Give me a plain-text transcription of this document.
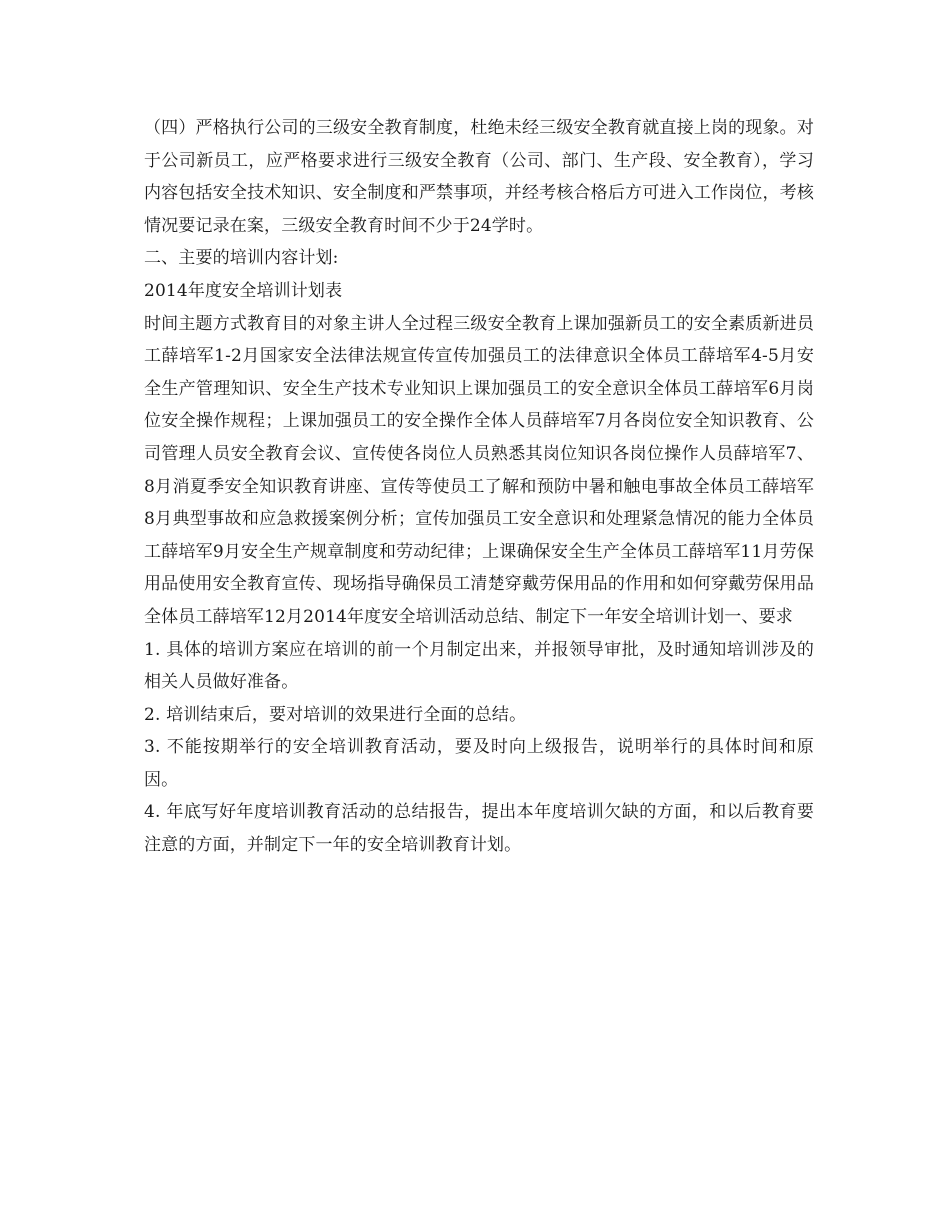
（四）严格执行公司的三级安全教育制度，杜绝未经三级安全教育就直接上岗的现象。对于公司新员工，应严格要求进行三级安全教育（公司、部门、生产段、安全教育），学习内容包括安全技术知识、安全制度和严禁事项，并经考核合格后方可进入工作岗位，考核情况要记录在案，三级安全教育时间不少于24学时。

二、主要的培训内容计划:

2014年度安全培训计划表

时间主题方式教育目的对象主讲人全过程三级安全教育上课加强新员工的安全素质新进员工薛培军1-2月国家安全法律法规宣传宣传加强员工的法律意识全体员工薛培军4-5月安全生产管理知识、安全生产技术专业知识上课加强员工的安全意识全体员工薛培军6月岗位安全操作规程；上课加强员工的安全操作全体人员薛培军7月各岗位安全知识教育、公司管理人员安全教育会议、宣传使各岗位人员熟悉其岗位知识各岗位操作人员薛培军7、8月消夏季安全知识教育讲座、宣传等使员工了解和预防中暑和触电事故全体员工薛培军8月典型事故和应急救援案例分析；宣传加强员工安全意识和处理紧急情况的能力全体员工薛培军9月安全生产规章制度和劳动纪律；上课确保安全生产全体员工薛培军11月劳保用品使用安全教育宣传、现场指导确保员工清楚穿戴劳保用品的作用和如何穿戴劳保用品全体员工薛培军12月2014年度安全培训活动总结、制定下一年安全培训计划一、要求

1. 具体的培训方案应在培训的前一个月制定出来，并报领导审批，及时通知培训涉及的相关人员做好准备。

2. 培训结束后，要对培训的效果进行全面的总结。

3. 不能按期举行的安全培训教育活动，要及时向上级报告，说明举行的具体时间和原因。

4. 年底写好年度培训教育活动的总结报告，提出本年度培训欠缺的方面，和以后教育要注意的方面，并制定下一年的安全培训教育计划。
